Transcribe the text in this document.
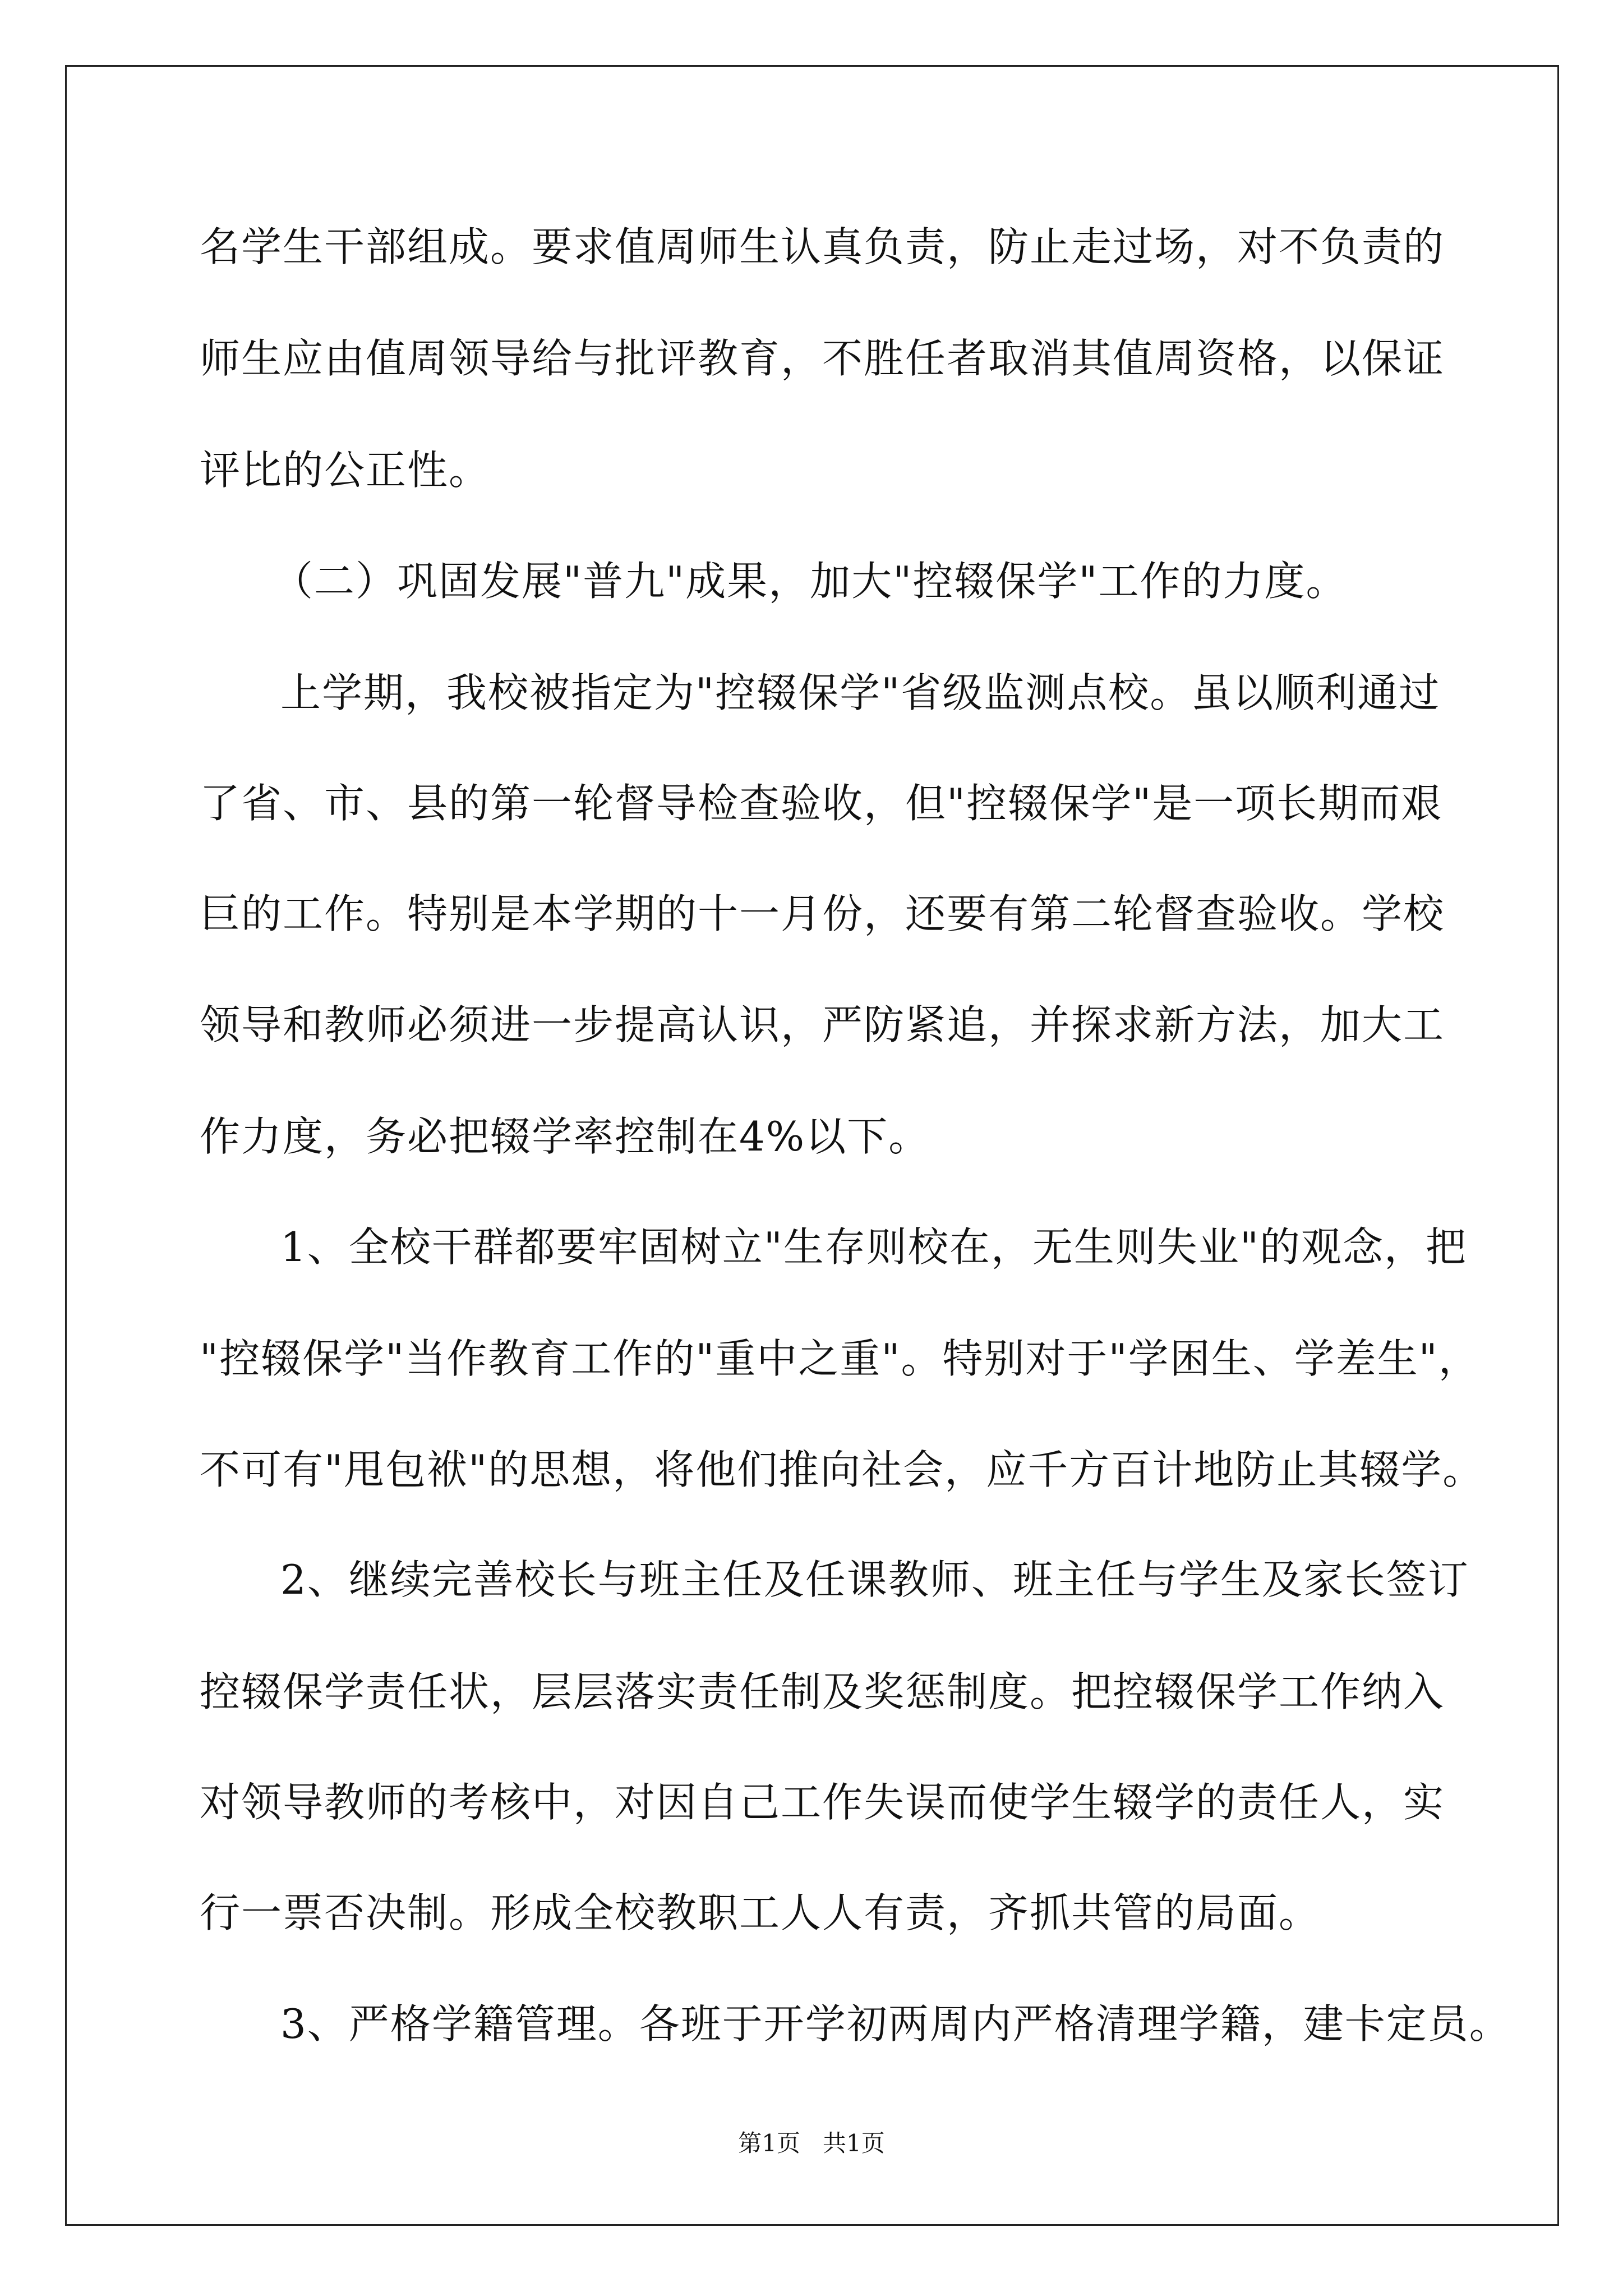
名学生干部组成。要求值周师生认真负责，防止走过场，对不负责的
师生应由值周领导给与批评教育，不胜任者取消其值周资格，以保证
评比的公正性。
（二）巩固发展"普九"成果，加大"控辍保学"工作的力度。
上学期，我校被指定为"控辍保学"省级监测点校。虽以顺利通过
了省、市、县的第一轮督导检查验收，但"控辍保学"是一项长期而艰
巨的工作。特别是本学期的十一月份，还要有第二轮督查验收。学校
领导和教师必须进一步提高认识，严防紧追，并探求新方法，加大工
作力度，务必把辍学率控制在4%以下。
1、全校干群都要牢固树立"生存则校在，无生则失业"的观念，把
"控辍保学"当作教育工作的"重中之重"。特别对于"学困生、学差生"，
不可有"甩包袱"的思想，将他们推向社会，应千方百计地防止其辍学。
2、继续完善校长与班主任及任课教师、班主任与学生及家长签订
控辍保学责任状，层层落实责任制及奖惩制度。把控辍保学工作纳入
对领导教师的考核中，对因自己工作失误而使学生辍学的责任人，实
行一票否决制。形成全校教职工人人有责，齐抓共管的局面。
3、严格学籍管理。各班于开学初两周内严格清理学籍，建卡定员。
第1页   共1页
